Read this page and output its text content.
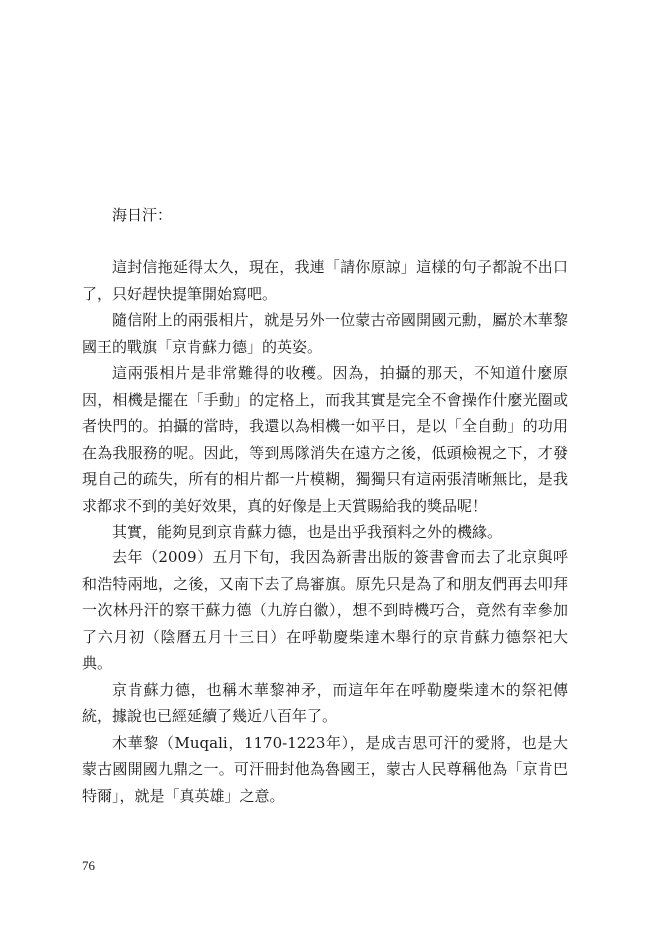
海日汗：

這封信拖延得太久，現在，我連「請你原諒」這樣的句子都說不出口了，只好趕快提筆開始寫吧。

隨信附上的兩張相片，就是另外一位蒙古帝國開國元勳，屬於木華黎國王的戰旗「京肯蘇力德」的英姿。

這兩張相片是非常難得的收穫。因為，拍攝的那天，不知道什麼原因，相機是擺在「手動」的定格上，而我其實是完全不會操作什麼光圈或者快門的。拍攝的當時，我還以為相機一如平日，是以「全自動」的功用在為我服務的呢。因此，等到馬隊消失在遠方之後，低頭檢視之下，才發現自己的疏失，所有的相片都一片模糊，獨獨只有這兩張清晰無比，是我求都求不到的美好效果，真的好像是上天賞賜給我的獎品呢！

其實，能夠見到京肯蘇力德，也是出乎我預料之外的機緣。

去年（2009）五月下旬，我因為新書出版的簽書會而去了北京與呼和浩特兩地，之後，又南下去了鳥審旗。原先只是為了和朋友們再去叩拜一次林丹汗的察干蘇力德（九斿白徽），想不到時機巧合，竟然有幸參加了六月初（陰曆五月十三日）在呼勒慶柴達木舉行的京肯蘇力德祭祀大典。

京肯蘇力德，也稱木華黎神矛，而這年年在呼勒慶柴達木的祭祀傳統，據說也已經延續了幾近八百年了。

木華黎（Muqali，1170-1223年），是成吉思可汗的愛將，也是大蒙古國開國九鼎之一。可汗冊封他為魯國王，蒙古人民尊稱他為「京肯巴特爾」，就是「真英雄」之意。

76
